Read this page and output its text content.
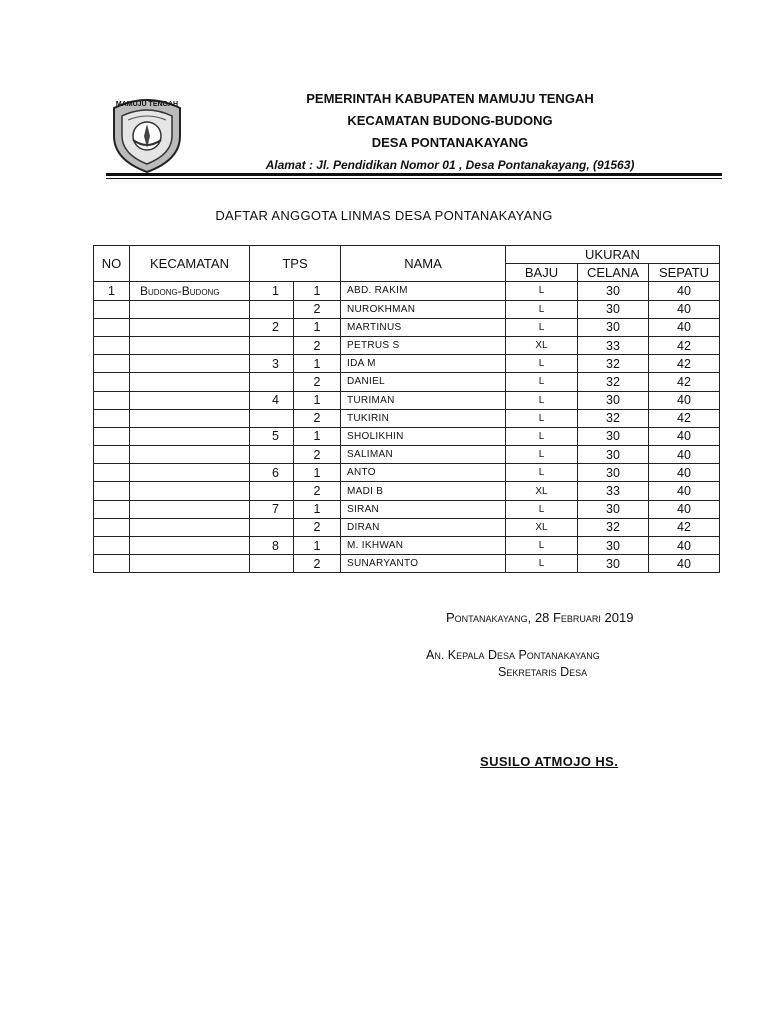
MAMUJU TENGAH	PEMERINTAH KABUPATEN MAMUJU TENGAH
KECAMATAN BUDONG-BUDONG
DESA PONTANAKAYANG
Alamat : Jl. Pendidikan Nomor 01 , Desa Pontanakayang, (91563)
DAFTAR ANGGOTA LINMAS DESA PONTANAKAYANG
NO	KECAMATAN	TPS		NAMA	UKURAN		
					BAJU	CELANA	SEPATU
1	Budong-Budong	1	1	ABD. RAKIM	L	30	40
			2	NUROKHMAN	L	30	40
		2	1	MARTINUS	L	30	40
			2	PETRUS S	XL	33	42
		3	1	IDA M	L	32	42
			2	DANIEL	L	32	42
		4	1	TURIMAN	L	30	40
			2	TUKIRIN	L	32	42
		5	1	SHOLIKHIN	L	30	40
			2	SALIMAN	L	30	40
		6	1	ANTO	L	30	40
			2	MADI B	XL	33	40
		7	1	SIRAN	L	30	40
			2	DIRAN	XL	32	42
		8	1	M. IKHWAN	L	30	40
			2	SUNARYANTO	L	30	40
Pontanakayang, 28 Februari 2019
An. Kepala Desa Pontanakayang
Sekretaris Desa
SUSILO ATMOJO HS.
